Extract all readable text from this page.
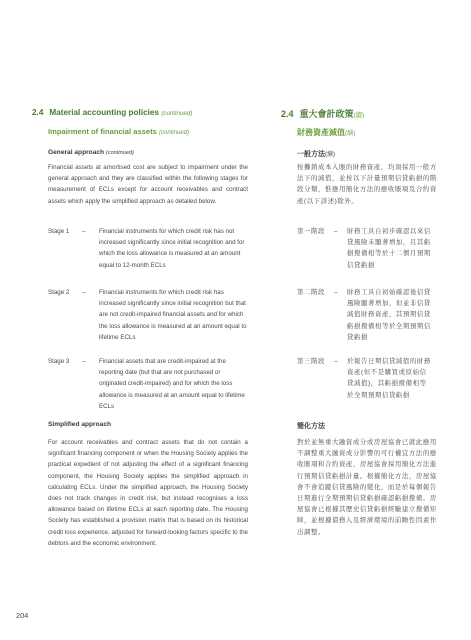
2.4 Material accounting policies (continued)
Impairment of financial assets (continued)
General approach (continued)
Financial assets at amortised cost are subject to impairment under the general approach and they are classified within the following stages for measurement of ECLs except for account receivables and contract assets which apply the simplified approach as detailed below.
Stage 1	– Financial instruments for which credit risk has not increased significantly since initial recognition and for which the loss allowance is measured at an amount equal to 12-month ECLs
Stage 2	– Financial instruments for which credit risk has increased significantly since initial recognition but that are not credit-impaired financial assets and for which the loss allowance is measured at an amount equal to lifetime ECLs
Stage 3	– Financial assets that are credit-impaired at the reporting date (but that are not purchased or originated credit-impaired) and for which the loss allowance is measured at an amount equal to lifetime ECLs
Simplified approach
For account receivables and contract assets that do not contain a significant financing component or when the Housing Society applies the practical expedient of not adjusting the effect of a significant financing component, the Housing Society applies the simplified approach in calculating ECLs. Under the simplified approach, the Housing Society does not track changes in credit risk, but instead recognises a loss allowance based on lifetime ECLs at each reporting date. The Housing Society has established a provision matrix that is based on its historical credit loss experience, adjusted for forward-looking factors specific to the debtors and the economic environment.
2.4 重大會計政策(續)
財務資產減值(續)
一般方法(續)
按攤銷成本入賬的財務資產，均須採用一般方法下的減值，並按以下計量預期信貸虧損的階段分類，惟應用簡化方法的應收賬項及合約資產(以下詳述)除外。
第一階段	– 財務工具自初步確認以來信貸風險未顯著增加，且其虧損撥備相等於十二個月預期信貸虧損
第二階段	– 財務工具自初始確認後信貸風險顯著增加，但並非信貸減值財務資產，其預期信貸虧損撥備相等於全期預期信貸虧損
第三階段	– 於報告日期信貸減值的財務資產(但不是購買或原始信貸減值)，其虧損撥備相等於全期預期信貸虧損
簡化方法
對於並無重大融資成分或房屋協會已就此應用不調整重大融資成分影響的可行權宜方法的應收賬項和合約資產，房屋協會採用簡化方法進行預期信貸虧損計量。根據簡化方法，房屋協會不會追蹤信貸風險的變化，而是於每個報告日期進行全期預期信貸虧損確認虧損撥備。房屋協會已根據其歷史信貸虧損經驗建立撥備矩陣，並根據債務人及經濟環境的前瞻性因素作出調整。
204
